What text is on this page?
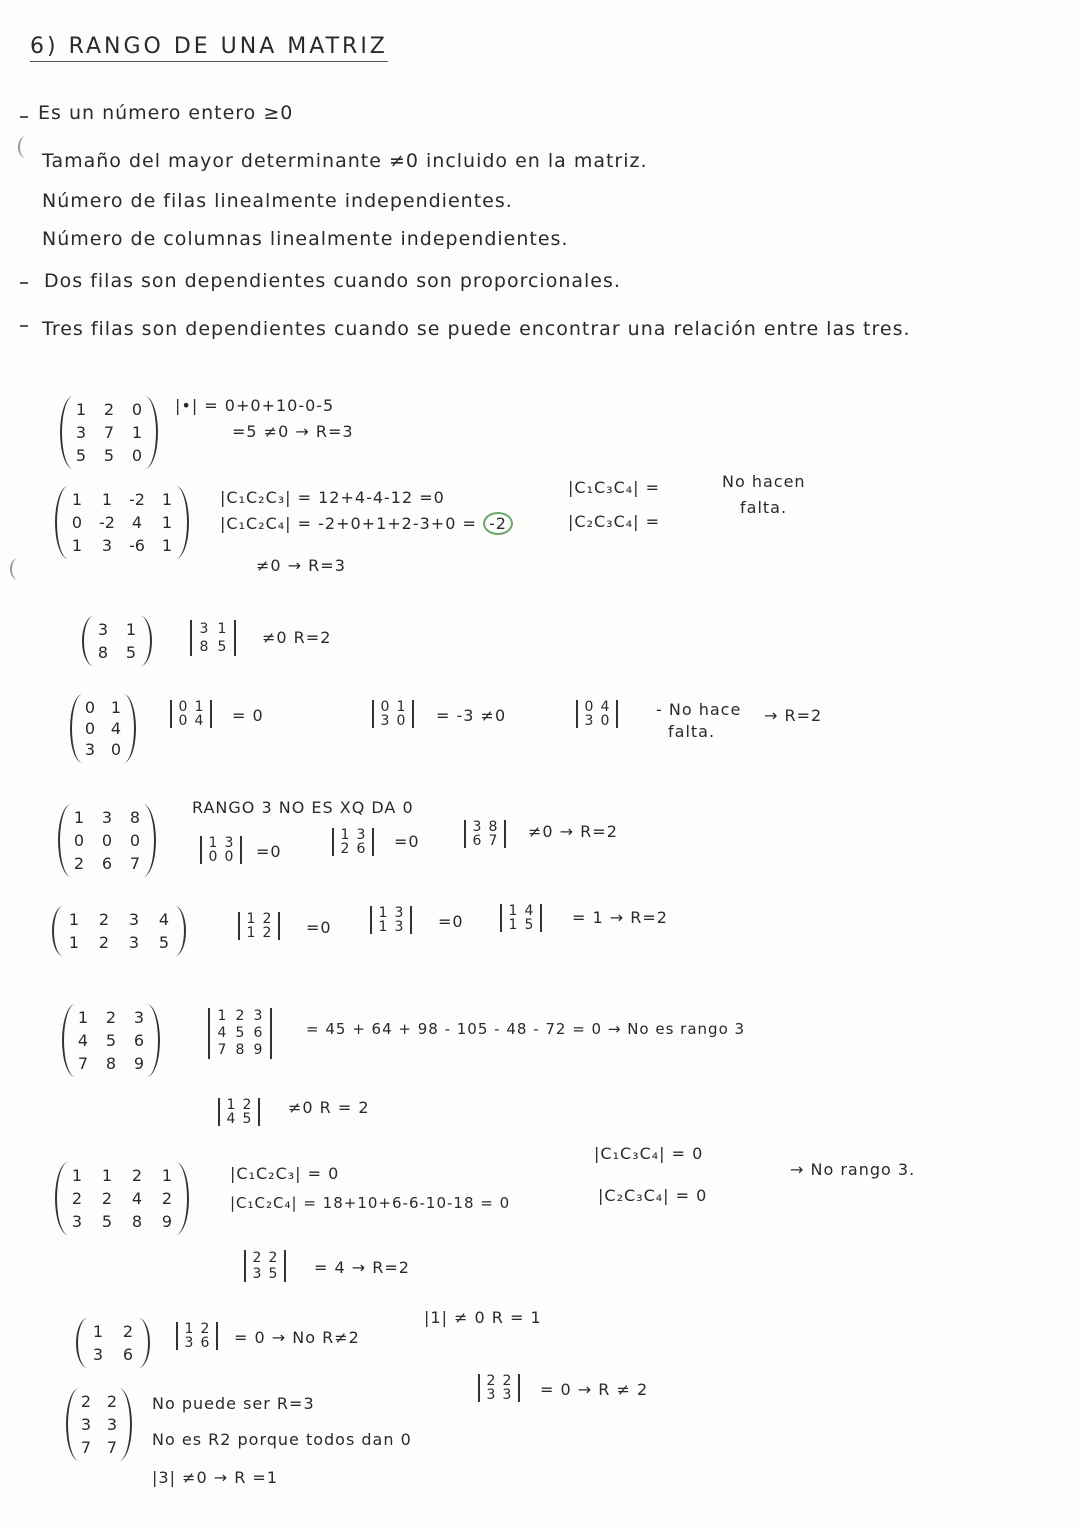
6) RANGO DE UNA MATRIZ
Es un número entero ≥0
Tamaño del mayor determinante ≠0 incluido en la matriz.
Número de filas linealmente independientes.
Número de columnas linealmente independientes.
Dos filas son dependientes cuando son proporcionales.
Tres filas son dependientes cuando se puede encontrar una relación entre las tres.
1 2 0
3 7 1
5 5 0
|•| = 0+0+10-0-5
=5 ≠0 → R=3
1 1 -2 1
0 -2 4 1
1 3 -6 1
|C₁C₂C₃| = 12+4-4-12 =0
|C₁C₂C₄| = -2+0+1+2-3+0 = -2
≠0 → R=3
|C₁C₃C₄| =
|C₂C₃C₄| =
No hacen
falta.
3 1
8 5
3 1
8 5 ≠0 R=2
0 1
0 4
3 0
0 1
0 4 = 0	0 1
3 0 = -3 ≠0	0 4
3 0
- No hace
falta.
→ R=2
1 3 8
0 0 0
2 6 7
RANGO 3 NO ES XQ DA 0
1 3
0 0 =0
1 3
2 6 =0
3 8
6 7 ≠0 → R=2
1 2 3 4
1 2 3 5
1 2
1 2 =0
1 3
1 3 =0
1 4
1 5 = 1 → R=2
1 2 3
4 5 6
7 8 9
1 2 3
4 5 6
7 8 9
= 45 + 64 + 98 - 105 - 48 - 72 = 0 → No es rango 3
1 2
4 5
≠0 R = 2
1 1 2 1
2 2 4 2
3 5 8 9
|C₁C₂C₃| = 0
|C₁C₂C₄| = 18+10+6-6-10-18 = 0
|C₁C₃C₄| = 0
|C₂C₃C₄| = 0
→ No rango 3.
2 2
3 5 = 4 → R=2
1 2
3 6
1 2
3 6 = 0 → No R≠2
|1| ≠ 0 R = 1
2 2
3 3
7 7
No puede ser R=3
No es R2 porque todos dan 0
|3| ≠0 → R =1
2 2
3 3 = 0 → R ≠ 2
